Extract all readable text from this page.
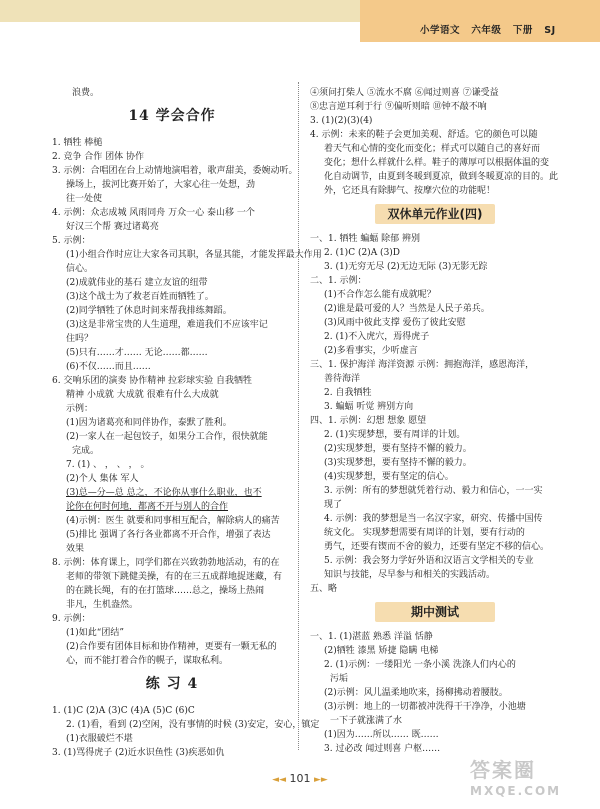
小学语文   六年级   下册   SJ
浪费。
14 学会合作
1. 牺牲 棒槌
2. 竞争 合作 团体 协作
3. 示例：合唱团在台上动情地演唱着，歌声甜美，委婉动听。
操场上，拔河比赛开始了，大家心往一处想，劲
往一处使
4. 示例：众志成城 风雨同舟 万众一心 泰山移 一个
好汉三个帮 赛过诸葛亮
5. 示例：
(1)小组合作时应让大家各司其职，各显其能，才能发挥最大作用
信心。
(2)成就伟业的基石 建立友谊的纽带
(3)这个战士为了救老百姓而牺牲了。
(2)同学牺牲了休息时间来帮我排练舞蹈。
(3)这是非常宝贵的人生道理，难道我们不应该牢记
住吗？
(5)只有……才…… 无论……都……
(6)不仅……而且……
6. 交响乐团的演奏 协作精神 拉彩球实验 自我牺牲
精神 小成就 大成就 很难有什么大成就
示例：
(1)因为诸葛亮和同伴协作，泰默了胜利。
(2)一家人在一起包饺子，如果分工合作，很快就能
完成。
7. (1) 、 ， 、 ， 。
(2)个人 集体 军人
(3)总—分—总 总之，不论你从事什么职业，也不
论你在何时何地，都离不开与别人的合作
(4)示例：医生 就要和同事相互配合，解除病人的痛苦
(5)排比 强调了各行各业都离不开合作，增强了表达
效果
8. 示例：体育课上，同学们都在兴致勃勃地活动，有的在
老师的带领下跳健美操，有的在三五成群地捉迷藏，有
的在跳长绳，有的在打篮球……总之，操场上热闹
非凡，生机盎然。
9. 示例：
(1)如此“团结”
(2)合作要有团体目标和协作精神，更要有一颗无私的
心，而不能打着合作的幌子，谋取私利。
练 习 4
1. (1)C (2)A (3)C (4)A (5)C (6)C
2. (1)看，看到 (2)空闲，没有事情的时候 (3)安定，安心，镇定
(1)衣服破烂不堪
3. (1)骂得虎子 (2)近水识鱼性 (3)疾恶如仇
④须问打柴人 ⑤流水不腐 ⑥闻过则喜 ⑦谦受益
⑧忠言逆耳利于行 ⑨偏听则暗 ⑩钟不敲不响
3. (1)(2)(3)(4)
4. 示例：未来的鞋子会更加美观、舒适。它的颜色可以随
着天气和心情的变化而变化；样式可以随自己的喜好而
变化；想什么样就什么样。鞋子的薄厚可以根据体温的变
化自动调节，由夏到冬暖到夏凉，做到冬暖夏凉的目的。此
外，它还具有除脚气、按摩穴位的功能呢！
双休单元作业(四)
一、1. 牺牲 蝙蝠 除郁 辨别
2. (1)C (2)A (3)D
3. (1)无穷无尽 (2)无边无际 (3)无影无踪
二、1. 示例：
(1)不合作怎么能有成就呢？
(2)谁是最可爱的人？当然是人民子弟兵。
(3)风雨中彼此支撑 爱伤了彼此安慰
2. (1)不入虎穴，焉得虎子
(2)多看事实，少听虚言
三、1. 保护海洋 海洋资源 示例：拥抱海洋，感恩海洋，
善待海洋
2. 自我牺牲
3. 蝙蝠 听觉 辨别方向
四、1. 示例：幻想 想象 愿望
2. (1)实现梦想，要有周详的计划。
(2)实现梦想，要有坚持不懈的毅力。
(3)实现梦想，要有坚持不懈的毅力。
(4)实现梦想，要有坚定的信心。
3. 示例：所有的梦想就凭着行动、毅力和信心，一一实
现了
4. 示例：我的梦想是当一名汉字家，研究、传播中国传
统文化。 实现梦想需要有周详的计划，要有行动的
勇气，还要有锲而不舍的毅力，还要有坚定不移的信心。
5. 示例：我会努力学好外语和汉语言文学相关的专业
知识与技能，尽早参与和相关的实践活动。
五、略
期中测试
一、1. (1)湛蓝 熟悉 洋溢 恬静
(2)牺牲 漆黑 矫捷 隐瞒 电梯
2. (1)示例：一缕阳光 一条小溪 洗涤人们内心的
污垢
(2)示例：风儿温柔地吹来，扬柳拂动着腰肢。
(3)示例：地上的一切都被冲洗得干干净净，小池塘
一下子就涨满了水
(1)因为……所以…… 既……
3. 过必改 闻过则喜 户枢……
◄◄ 101 ►►	答案圈
MXQE.COM
